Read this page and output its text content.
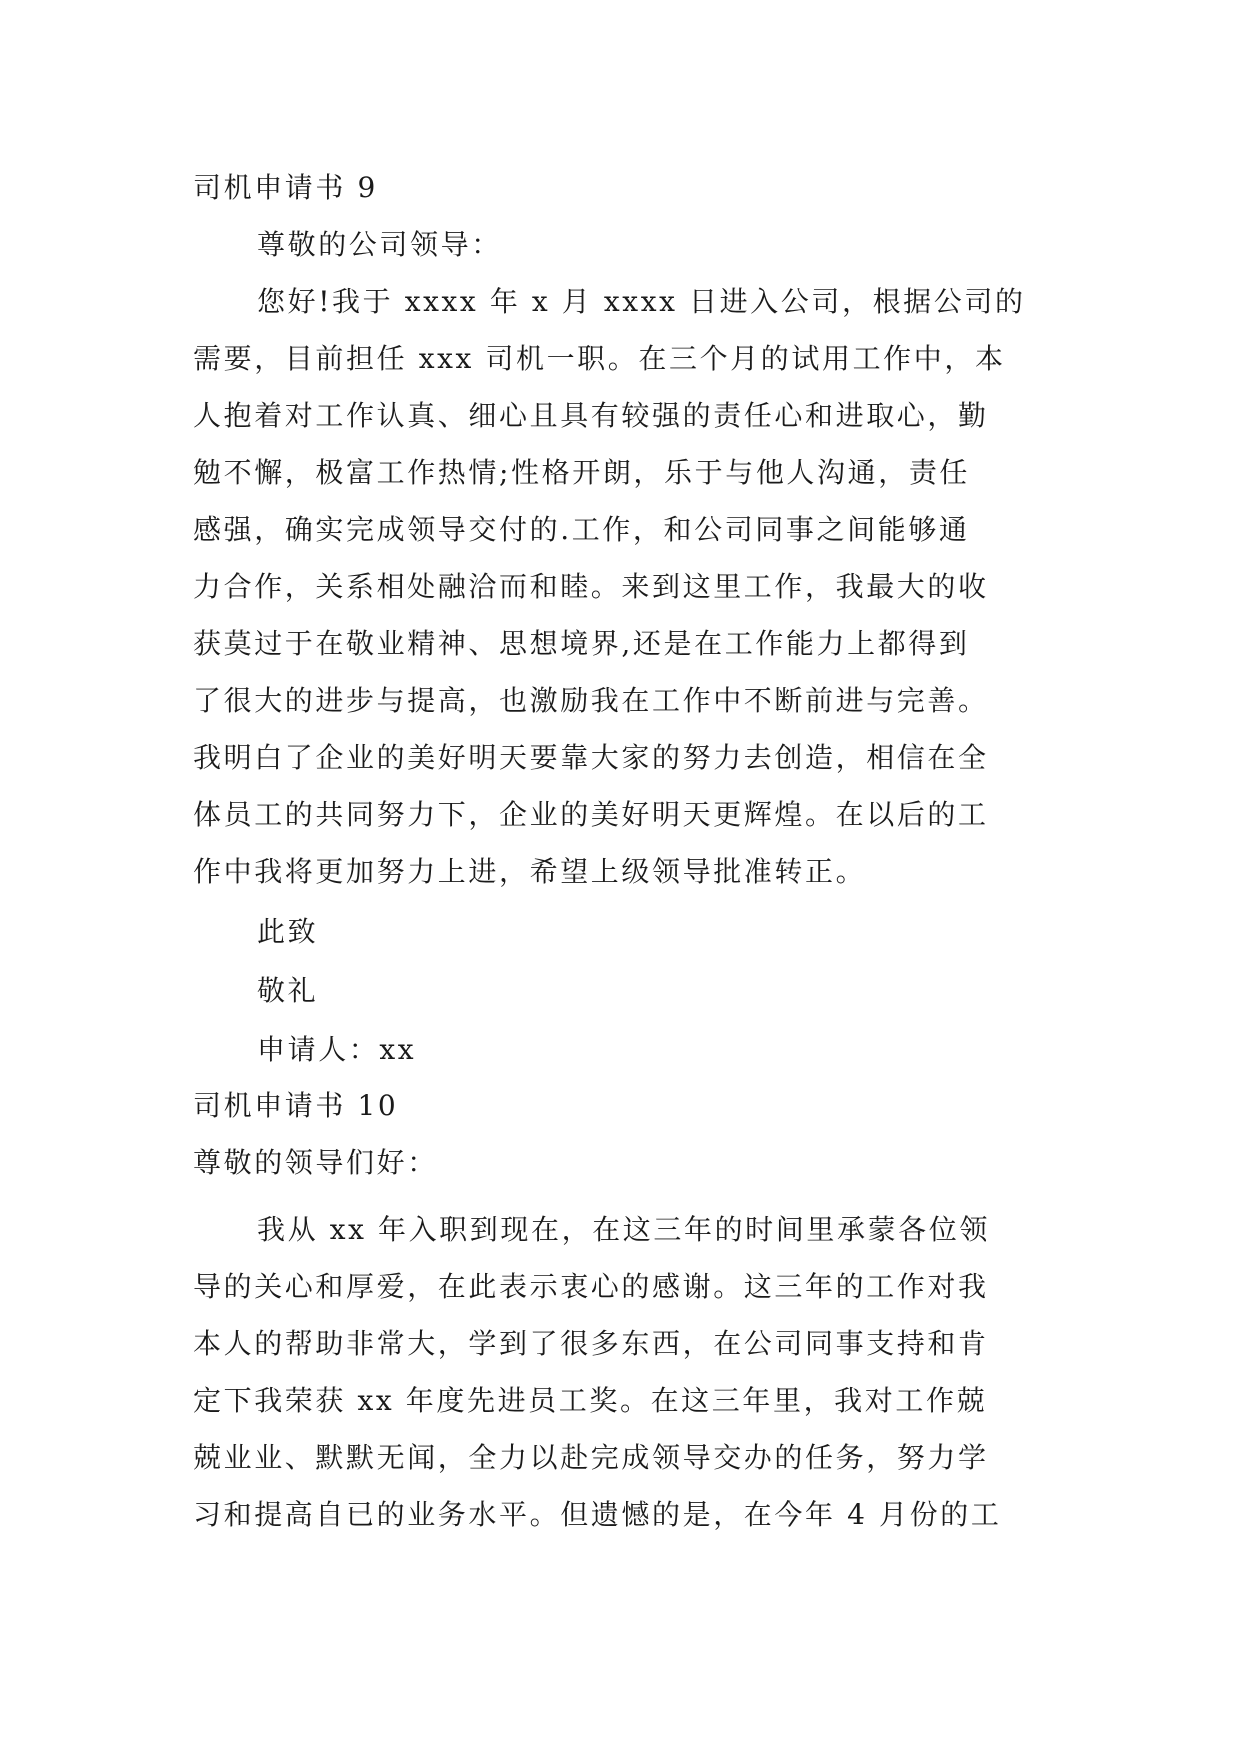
司机申请书 9
尊敬的公司领导：
您好!我于 xxxx 年 x 月 xxxx 日进入公司，根据公司的
需要，目前担任 xxx 司机一职。在三个月的试用工作中，本
人抱着对工作认真、细心且具有较强的责任心和进取心，勤
勉不懈，极富工作热情;性格开朗，乐于与他人沟通，责任
感强，确实完成领导交付的.工作，和公司同事之间能够通
力合作，关系相处融洽而和睦。来到这里工作，我最大的收
获莫过于在敬业精神、思想境界,还是在工作能力上都得到
了很大的进步与提高，也激励我在工作中不断前进与完善。
我明白了企业的美好明天要靠大家的努力去创造，相信在全
体员工的共同努力下，企业的美好明天更辉煌。在以后的工
作中我将更加努力上进，希望上级领导批准转正。
此致
敬礼
申请人：xx
司机申请书 10
尊敬的领导们好：
我从 xx 年入职到现在，在这三年的时间里承蒙各位领
导的关心和厚爱，在此表示衷心的感谢。这三年的工作对我
本人的帮助非常大，学到了很多东西，在公司同事支持和肯
定下我荣获 xx 年度先进员工奖。在这三年里，我对工作兢
兢业业、默默无闻，全力以赴完成领导交办的任务，努力学
习和提高自已的业务水平。但遗憾的是，在今年 4 月份的工
